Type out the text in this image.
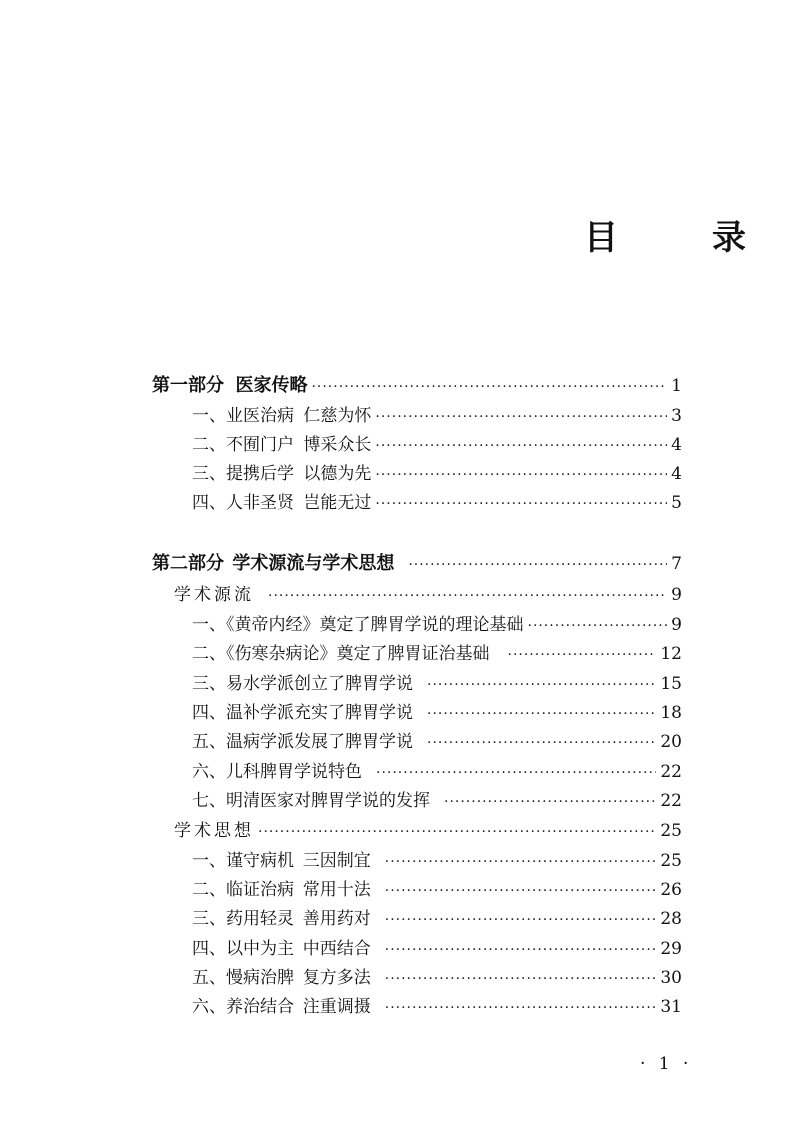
目　录
第一部分 医家传略 ·····	1
一、业医治病 仁慈为怀 ·····	3
二、不囿门户 博采众长 ·····	4
三、提携后学 以德为先 ·····	4
四、人非圣贤 岂能无过 ·····	5
第二部分 学术源流与学术思想 ·····	7
学术源流 ·····	9
一、《黄帝内经》奠定了脾胃学说的理论基础 ·····	9
二、《伤寒杂病论》奠定了脾胃证治基础 ·····	12
三、易水学派创立了脾胃学说 ·····	15
四、温补学派充实了脾胃学说 ·····	18
五、温病学派发展了脾胃学说 ·····	20
六、儿科脾胃学说特色 ·····	22
七、明清医家对脾胃学说的发挥 ·····	22
学术思想 ·····	25
一、谨守病机 三因制宜 ·····	25
二、临证治病 常用十法 ·····	26
三、药用轻灵 善用药对 ·····	28
四、以中为主 中西结合 ·····	29
五、慢病治脾 复方多法 ·····	30
六、养治结合 注重调摄 ·····	31
· 1 ·
